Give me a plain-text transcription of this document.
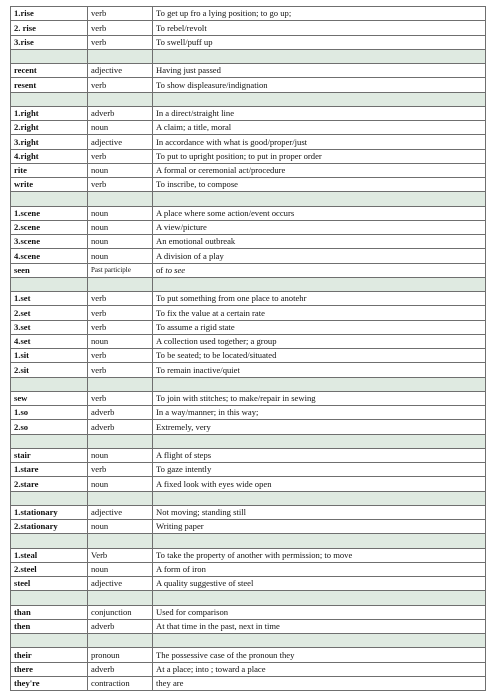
1.rise	verb	To get up fro a lying position; to go up;
2. rise	verb	To rebel/revolt
3.rise	verb	To swell/puff up

recent	adjective	Having just passed
resent	verb	To show displeasure/indignation

1.right	adverb	In a direct/straight line
2.right	noun	A claim; a title, moral
3.right	adjective	In accordance with what is good/proper/just
4.right	verb	To put to upright position; to put in proper order
rite	noun	A formal or ceremonial act/procedure
write	verb	To inscribe, to compose

1.scene	noun	A place where some action/event occurs
2.scene	noun	A view/picture
3.scene	noun	An emotional outbreak
4.scene	noun	A division of a play
seen	Past participle	of to see

1.set	verb	To put something from one place to anotehr
2.set	verb	To fix the value at a certain rate
3.set	verb	To assume a rigid state
4.set	noun	A collection used together; a group
1.sit	verb	To be seated; to be located/situated
2.sit	verb	To remain inactive/quiet

sew	verb	To join with stitches; to make/repair in sewing
1.so	adverb	In a way/manner; in this way;
2.so	adverb	Extremely, very

stair	noun	A flight of steps
1.stare	verb	To gaze intently
2.stare	noun	A fixed look with eyes wide open

1.stationary	adjective	Not moving; standing still
2.stationary	noun	Writing paper

1.steal	Verb	To take the property of another with permission; to move
2.steel	noun	A form of iron
steel	adjective	A quality suggestive of steel

than	conjunction	Used for comparison
then	adverb	At that time in the past, next in time

their	pronoun	The possessive case of the pronoun they
there	adverb	At a place; into ; toward a place
they're	contraction	they are
